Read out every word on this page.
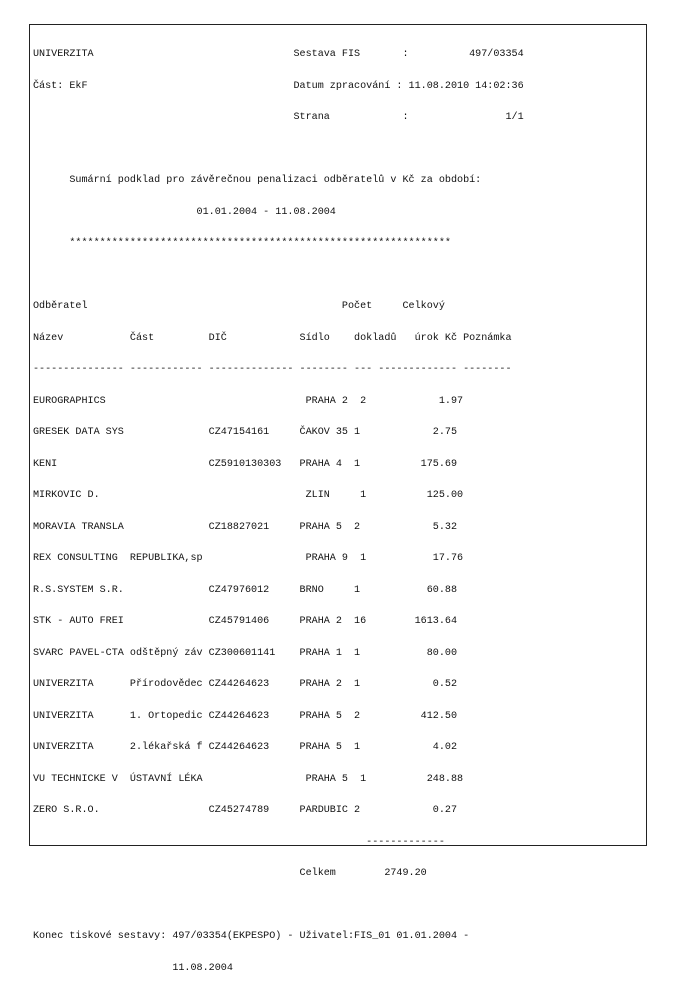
UNIVERZITA                                 Sestava FIS       :          497/03354

Část: EkF                                  Datum zpracování : 11.08.2010 14:02:36

Strana            :                1/1

Sumární podklad pro závěrečnou penalizaci odběratelů v Kč za období:

01.01.2004 - 11.08.2004

***************************************************************

Odběratel                                          Počet     Celkový

Název           Část         DIČ            Sídlo    dokladů   úrok Kč Poznámka

--------------- ------------ -------------- -------- --- ------------- --------

EUROGRAPHICS                                 PRAHA 2  2            1.97

GRESEK DATA SYS              CZ47154161     ČAKOV 35 1            2.75

KENI                         CZ5910130303   PRAHA 4  1          175.69

MIRKOVIC D.                                  ZLIN     1          125.00

MORAVIA TRANSLA              CZ18827021     PRAHA 5  2            5.32

REX CONSULTING  REPUBLIKA,sp                 PRAHA 9  1           17.76

R.S.SYSTEM S.R.              CZ47976012     BRNO     1           60.88

STK - AUTO FREI              CZ45791406     PRAHA 2  16        1613.64

SVARC PAVEL-CTA odštěpný záv CZ300601141    PRAHA 1  1           80.00

UNIVERZITA      Přírodovědec CZ44264623     PRAHA 2  1            0.52

UNIVERZITA      1. Ortopedic CZ44264623     PRAHA 5  2          412.50

UNIVERZITA      2.lékařská f CZ44264623     PRAHA 5  1            4.02

VU TECHNICKE V  ÚSTAVNÍ LÉKA                 PRAHA 5  1          248.88

ZERO S.R.O.                  CZ45274789     PARDUBIC 2            0.27

-------------

Celkem        2749.20

Konec tiskové sestavy: 497/03354(EKPESPO) - Uživatel:FIS_01 01.01.2004 -

11.08.2004
